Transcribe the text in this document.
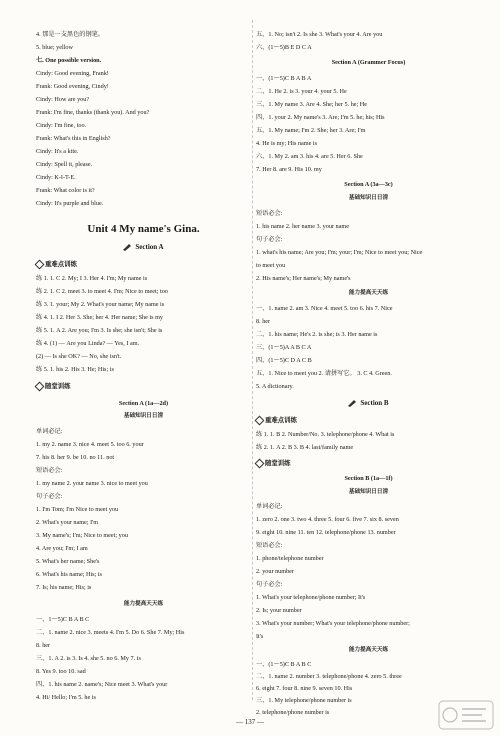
4. 那是一支黑色的钢笔。
5. blue; yellow
七. One possible version.
Cindy: Good evening, Frank!
Frank: Good evening, Cindy!
Cindy: How are you?
Frank: I'm fine, thanks (thank you). And you?
Cindy: I'm fine, too.
Frank: What's this in English?
Cindy: It's a kite.
Cindy: Spell it, please.
Cindy: K-I-T-E.
Frank: What color is it?
Cindy: It's purple and blue.
Unit 4 My name's Gina.
Section A
重难点训练
练 1. 1. C 2. My; I 3. Her 4. I'm; My name is
练 2. 1. C 2. meet 3. to meet 4. I'm; Nice to meet; too
练 3. 1. your; My 2. What's your name; My name is
练 4. 1. I 2. Her 3. She; her 4. Her name; She is my
练 5. 1. A 2. Are you; I'm 3. Is she; she isn't; She is
练 4. (1) — Are you Linda? — Yes, I am.
(2) — Is she OK? — No, she isn't.
练 5. 1. his 2. His 3. He; His; is
随堂训练
Section A (1a—2d)
基础知识日日清
单词必记:
1. my 2. name 3. nice 4. meet 5. too 6. your
7. his 8. her 9. be 10. no 11. not
短语必会:
1. my name 2. your name 3. nice to meet you
句子必会:
1. I'm Tom; I'm Nice to meet you
2. What's your name; I'm
3. My name's; I'm; Nice to meet; you
4. Are you; I'm; I am
5. What's her name; She's
6. What's his name; His; is
7. Is; his name; His; is
能力提高天天练
一、1～5)C B A B C
二、1. name 2. nice 3. meets 4. I'm 5. Do 6. She 7. My; His
8. her
三、1. A 2. is 3. Is 4. she 5. no 6. My 7. is
8. Yes 9. too 10. sad
四、1. his name 2. name's; Nice meet 3. What's your
4. Hi/ Hello; I'm 5. he is
五、1. No; isn't 2. Is she 3. What's your 4. Are you
六、(1～5)B E D C A
Section A (Grammer Focus)
一、(1～5)C B A B A
二、1. He 2. is 3. your 4. your 5. He
三、1. My name 3. Are 4. She; her 5. he; He
四、1. your 2. My name's 3. Are; I'm 5. he; his; His
五、1. My name; I'm 2. She; her 3. Are; I'm
4. He is my; His name is
六、1. My 2. am 3. his 4. are 5. Her 6. She
7. Her 8. are 9. His 10. my
Section A (3a—3c)
基础知识日日清
短语必会:
1. his name 2. her name 3. your name
句子必会:
1. what's his name; Are you; I'm; your; I'm; Nice to meet you; Nice
to meet you
2. His name's; Her name's; My name's
能力提高天天练
一、1. name 2. am 3. Nice 4. meet 5. too 6. his 7. Nice
8. her
二、1. his name; He's 2. is she; is 3. Her name is
三、(1～5)A A B C A
四、(1～5)C D A C B
五、1. Nice to meet you 2. 请拼写它。 3. C 4. Green.
5. A dictionary.
Section B
重难点训练
练 1. 1. B 2. Number/No. 3. telephone/phone 4. What is
练 2. 1. A 2. B 3. B 4. last/family name
随堂训练
Section B (1a—1f)
基础知识日日清
单词必记:
1. zero 2. one 3. two 4. three 5. four 6. five 7. six 8. seven
9. eight 10. nine 11. ten 12. telephone/phone 13. number
短语必会:
1. phone/telephone number
2. your number
句子必会:
1. What's your telephone/phone number; It's
2. Is; your number
3. What's your number; What's your telephone/phone number;
It's
能力提高天天练
一、(1～5)C B A B C
二、1. name 2. number 3. telephone/phone 4. zero 5. three
6. eight 7. four 8. nine 9. seven 10. His
三、1. My telephone/phone number is
2. telephone/phone number is
— 137 —
